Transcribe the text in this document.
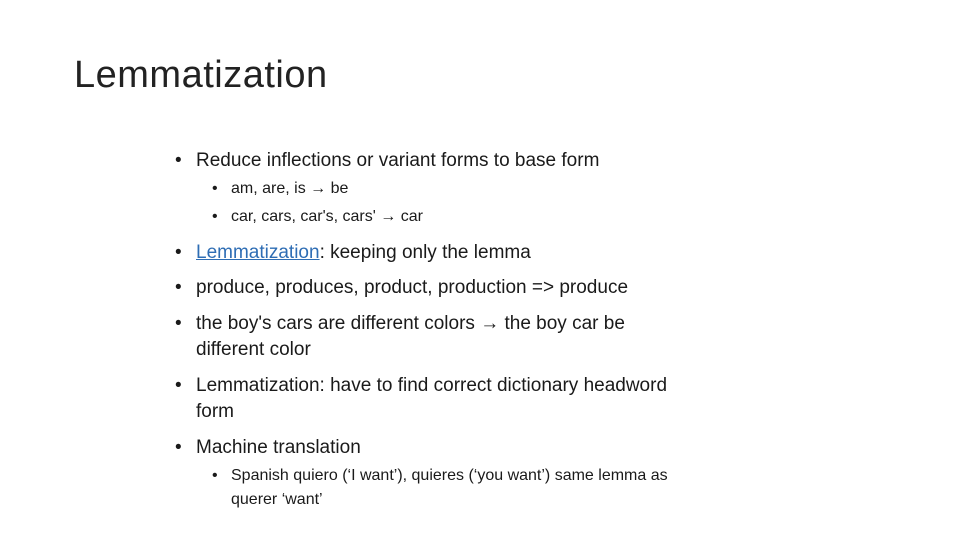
Lemmatization
• Reduce inflections or variant forms to base form
• am, are, is → be
• car, cars, car's, cars' → car
• Lemmatization: keeping only the lemma
• produce, produces, product, production => produce
• the boy's cars are different colors → the boy car be
different color
• Lemmatization: have to find correct dictionary headword
form
• Machine translation
• Spanish quiero (‘I want’), quieres (‘you want’) same lemma as
querer ‘want’
